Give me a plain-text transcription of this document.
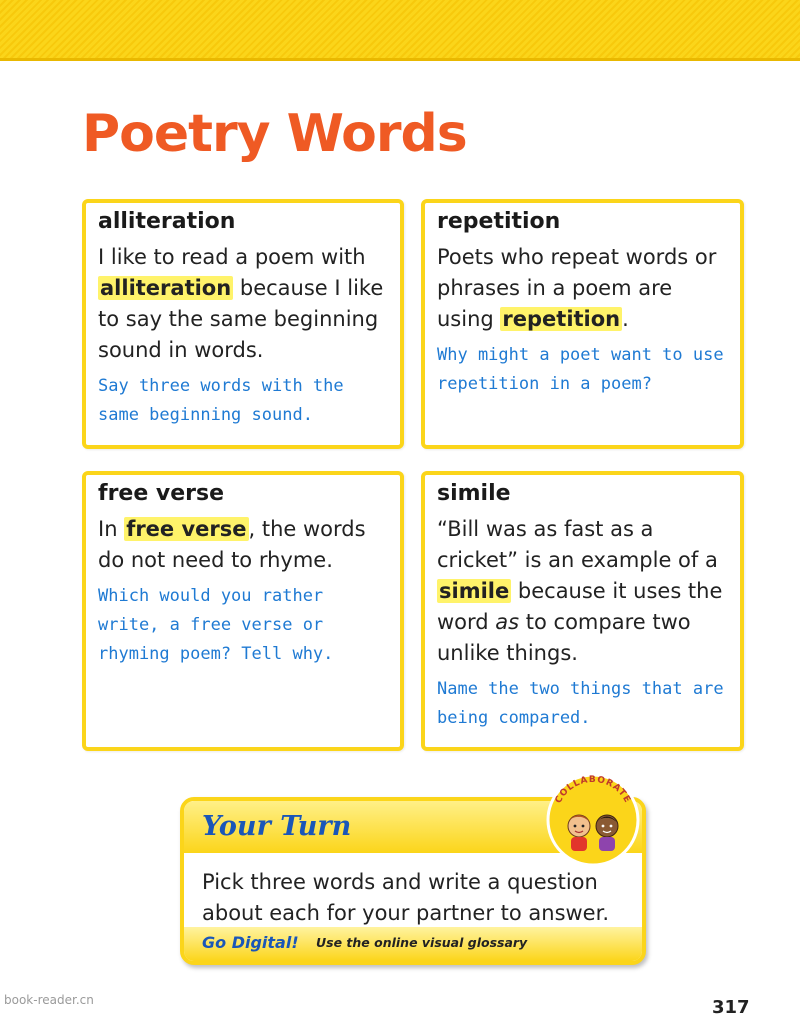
Poetry Words

alliteration

I like to read a poem with alliteration because I like to say the same beginning sound in words.

Say three words with the same beginning sound.

repetition

Poets who repeat words or phrases in a poem are using repetition.

Why might a poet want to use repetition in a poem?

free verse

In free verse, the words do not need to rhyme.

Which would you rather write, a free verse or rhyming poem? Tell why.

simile

“Bill was as fast as a cricket” is an example of a simile because it uses the word as to compare two unlike things.

Name the two things that are being compared.

Your Turn
Pick three words and write a question about each for your partner to answer.
Go Digital! Use the online visual glossary
COLLABORATE
book-reader.cn	317
